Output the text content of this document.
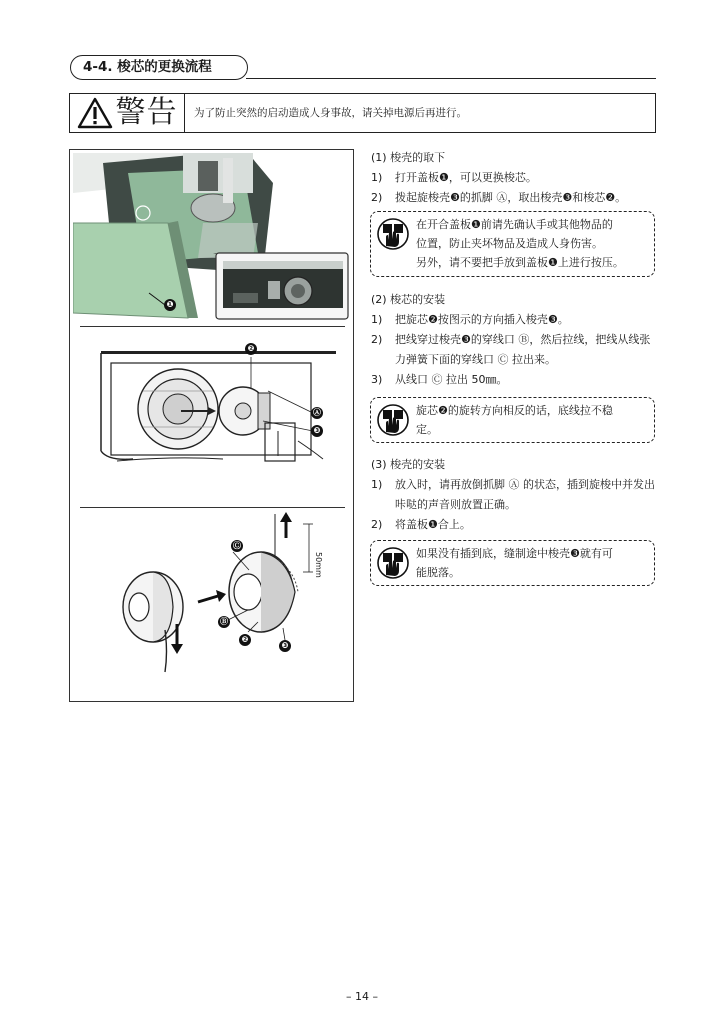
4-4. 梭芯的更换流程
警告	为了防止突然的启动造成人身事故，请关掉电源后再进行。
❶
❷
Ⓐ
❸
50mm
Ⓒ
Ⓑ
❷
❸
(1) 梭壳的取下
1)	打开盖板❶，可以更换梭芯。
2)	拨起旋梭壳❸的抓脚 Ⓐ，取出梭壳❸和梭芯❷。
在开合盖板❶前请先确认手或其他物品的
位置，防止夹坏物品及造成人身伤害。
另外，请不要把手放到盖板❶上进行按压。
(2) 梭芯的安装
1)	把旋芯❷按图示的方向插入梭壳❸。
2)	把线穿过梭壳❸的穿线口 Ⓑ，然后拉线，把线从线张力弹簧下面的穿线口 Ⓒ 拉出来。
3)	从线口 Ⓒ 拉出 50㎜。
旋芯❷的旋转方向相反的话，底线拉不稳
定。
(3) 梭壳的安装
1)	放入时，请再放倒抓脚 Ⓐ 的状态，插到旋梭中并发出咔哒的声音则放置正确。
2)	将盖板❶合上。
如果没有插到底，缝制途中梭壳❸就有可
能脱落。
– 14 –
